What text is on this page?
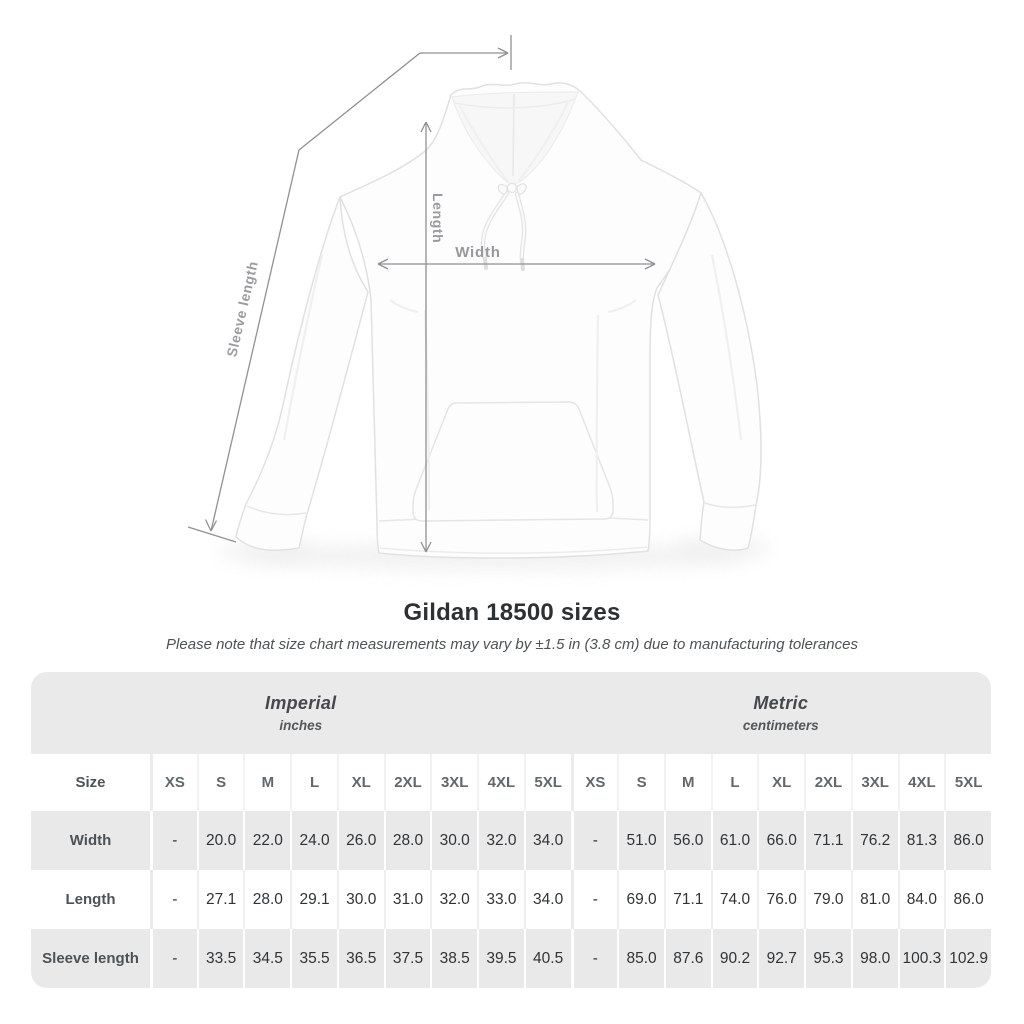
Sleeve length
Length
Width
Gildan 18500 sizes
Please note that size chart measurements may vary by ±1.5 in (3.8 cm) due to manufacturing tolerances
Imperial
inches

Metric
centimeters

Size	XS	S	M	L	XL	2XL	3XL	4XL	5XL	XS	S	M	L	XL	2XL	3XL	4XL	5XL
Width	-	20.0	22.0	24.0	26.0	28.0	30.0	32.0	34.0	-	51.0	56.0	61.0	66.0	71.1	76.2	81.3	86.0
Length	-	27.1	28.0	29.1	30.0	31.0	32.0	33.0	34.0	-	69.0	71.1	74.0	76.0	79.0	81.0	84.0	86.0
Sleeve length	-	33.5	34.5	35.5	36.5	37.5	38.5	39.5	40.5	-	85.0	87.6	90.2	92.7	95.3	98.0	100.3	102.9
